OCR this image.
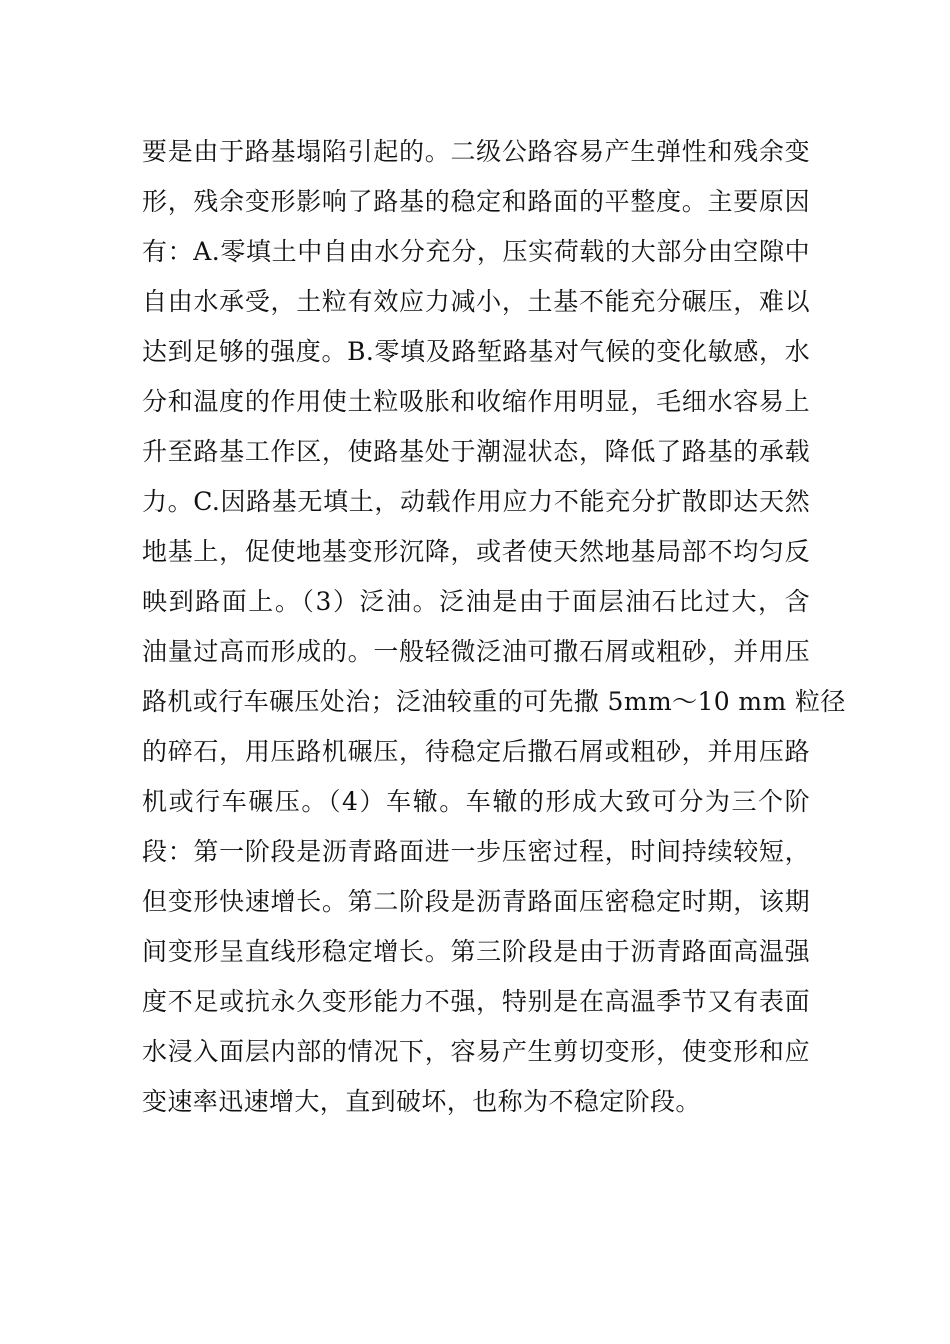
要是由于路基塌陷引起的。二级公路容易产生弹性和残余变
形，残余变形影响了路基的稳定和路面的平整度。主要原因
有：A.零填土中自由水分充分，压实荷载的大部分由空隙中
自由水承受，土粒有效应力减小，土基不能充分碾压，难以
达到足够的强度。B.零填及路堑路基对气候的变化敏感，水
分和温度的作用使土粒吸胀和收缩作用明显，毛细水容易上
升至路基工作区，使路基处于潮湿状态，降低了路基的承载
力。C.因路基无填土，动载作用应力不能充分扩散即达天然
地基上，促使地基变形沉降，或者使天然地基局部不均匀反
映到路面上。（3）泛油。泛油是由于面层油石比过大，含
油量过高而形成的。一般轻微泛油可撒石屑或粗砂，并用压
路机或行车碾压处治；泛油较重的可先撒 5mm～10 mm 粒径
的碎石，用压路机碾压，待稳定后撒石屑或粗砂，并用压路
机或行车碾压。（4）车辙。车辙的形成大致可分为三个阶
段：第一阶段是沥青路面进一步压密过程，时间持续较短，
但变形快速增长。第二阶段是沥青路面压密稳定时期，该期
间变形呈直线形稳定增长。第三阶段是由于沥青路面高温强
度不足或抗永久变形能力不强，特别是在高温季节又有表面
水浸入面层内部的情况下，容易产生剪切变形，使变形和应
变速率迅速增大，直到破坏，也称为不稳定阶段。
